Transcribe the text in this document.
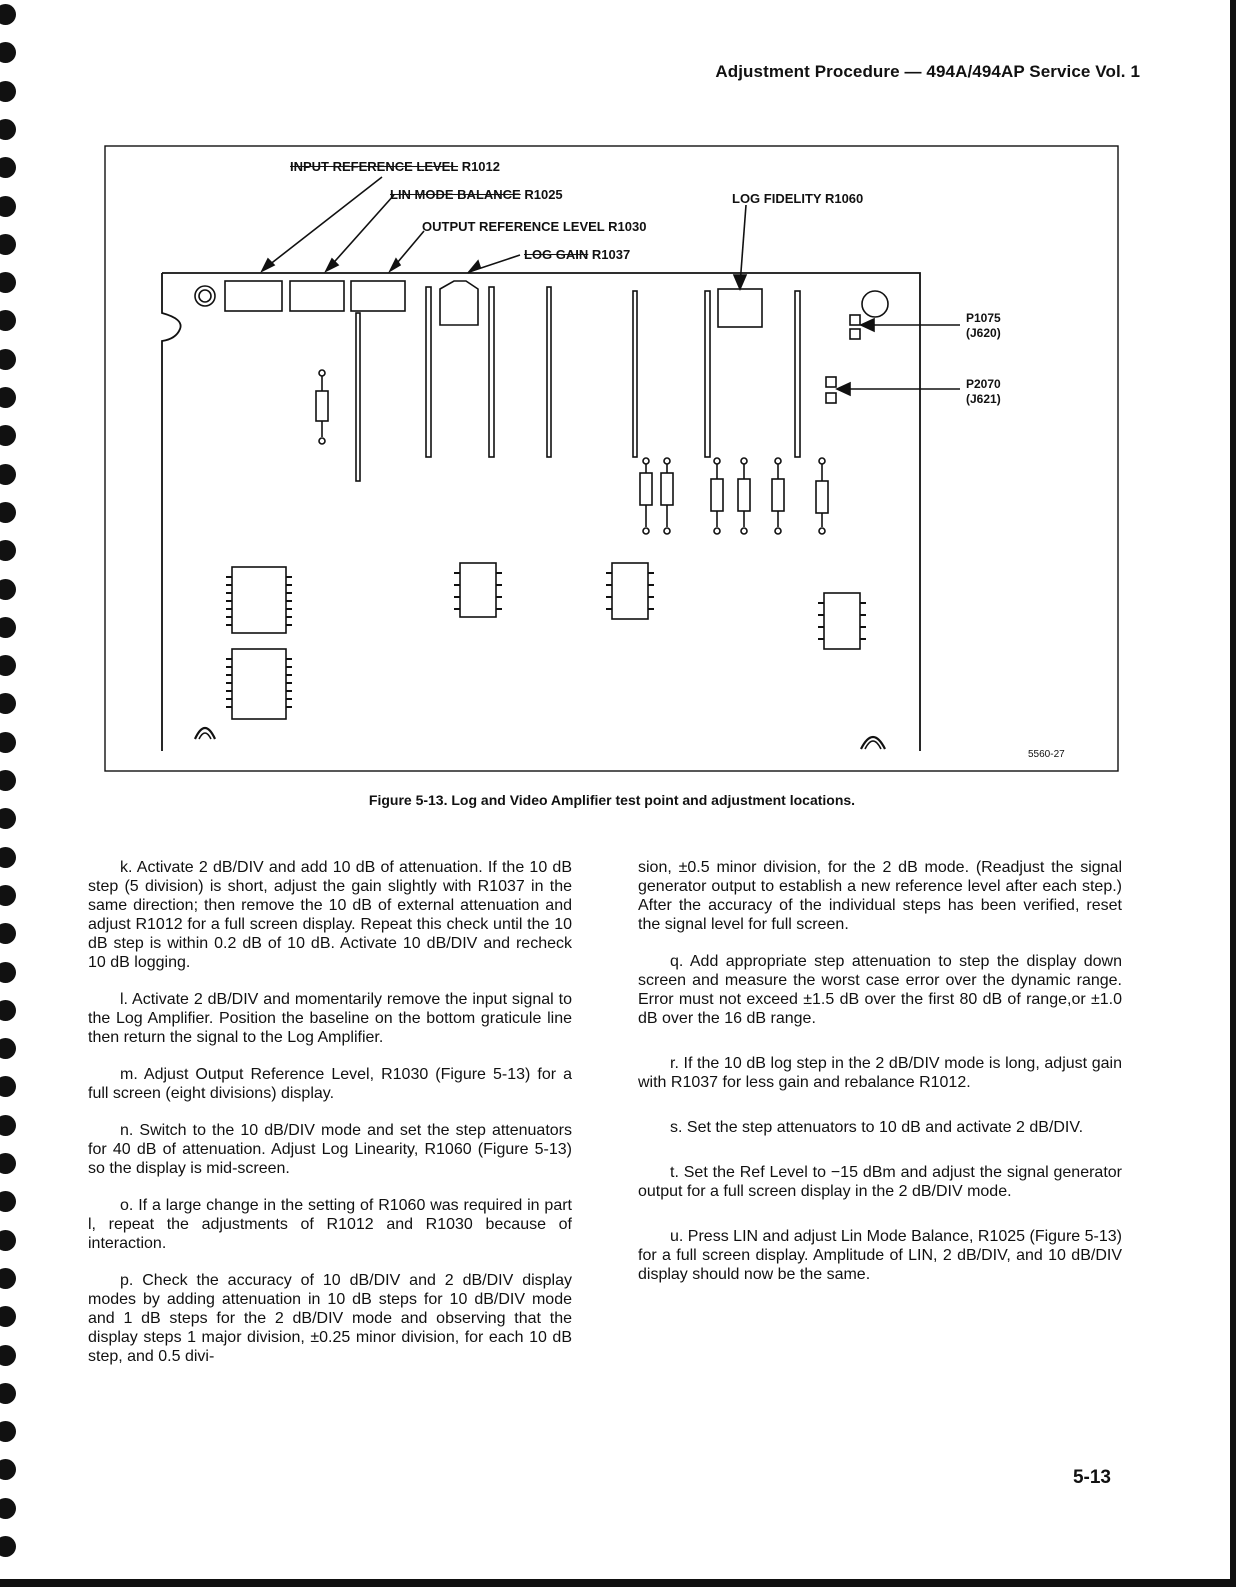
Adjustment Procedure — 494A/494AP Service Vol. 1
INPUT REFERENCE LEVEL R1012
LIN MODE BALANCE R1025
OUTPUT REFERENCE LEVEL R1030
LOG GAIN R1037
LOG FIDELITY R1060
P1075
(J620)
P2070
(J621)
5560-27
Figure 5-13. Log and Video Amplifier test point and adjustment locations.

k. Activate 2 dB/DIV and add 10 dB of attenuation. If the 10 dB step (5 division) is short, adjust the gain slightly with R1037 in the same direction; then remove the 10 dB of external attenuation and adjust R1012 for a full screen display. Repeat this check until the 10 dB step is within 0.2 dB of 10 dB. Activate 10 dB/DIV and recheck 10 dB logging.

l. Activate 2 dB/DIV and momentarily remove the input signal to the Log Amplifier. Position the baseline on the bottom graticule line then return the signal to the Log Amplifier.

m. Adjust Output Reference Level, R1030 (Figure 5-13) for a full screen (eight divisions) display.

n. Switch to the 10 dB/DIV mode and set the step attenuators for 40 dB of attenuation. Adjust Log Linearity, R1060 (Figure 5-13) so the display is mid-screen.

o. If a large change in the setting of R1060 was required in part l, repeat the adjustments of R1012 and R1030 because of interaction.

p. Check the accuracy of 10 dB/DIV and 2 dB/DIV display modes by adding attenuation in 10 dB steps for 10 dB/DIV mode and 1 dB steps for the 2 dB/DIV mode and observing that the display steps 1 major division, ±0.25 minor division, for each 10 dB step, and 0.5 divi-

sion, ±0.5 minor division, for the 2 dB mode. (Readjust the signal generator output to establish a new reference level after each step.) After the accuracy of the individual steps has been verified, reset the signal level for full screen.

q. Add appropriate step attenuation to step the display down screen and measure the worst case error over the dynamic range. Error must not exceed ±1.5 dB over the first 80 dB of range,or ±1.0 dB over the 16 dB range.

r. If the 10 dB log step in the 2 dB/DIV mode is long, adjust gain with R1037 for less gain and rebalance R1012.

s. Set the step attenuators to 10 dB and activate 2 dB/DIV.

t. Set the Ref Level to −15 dBm and adjust the signal generator output for a full screen display in the 2 dB/DIV mode.

u. Press LIN and adjust Lin Mode Balance, R1025 (Figure 5-13) for a full screen display. Amplitude of LIN, 2 dB/DIV, and 10 dB/DIV display should now be the same.

5-13
